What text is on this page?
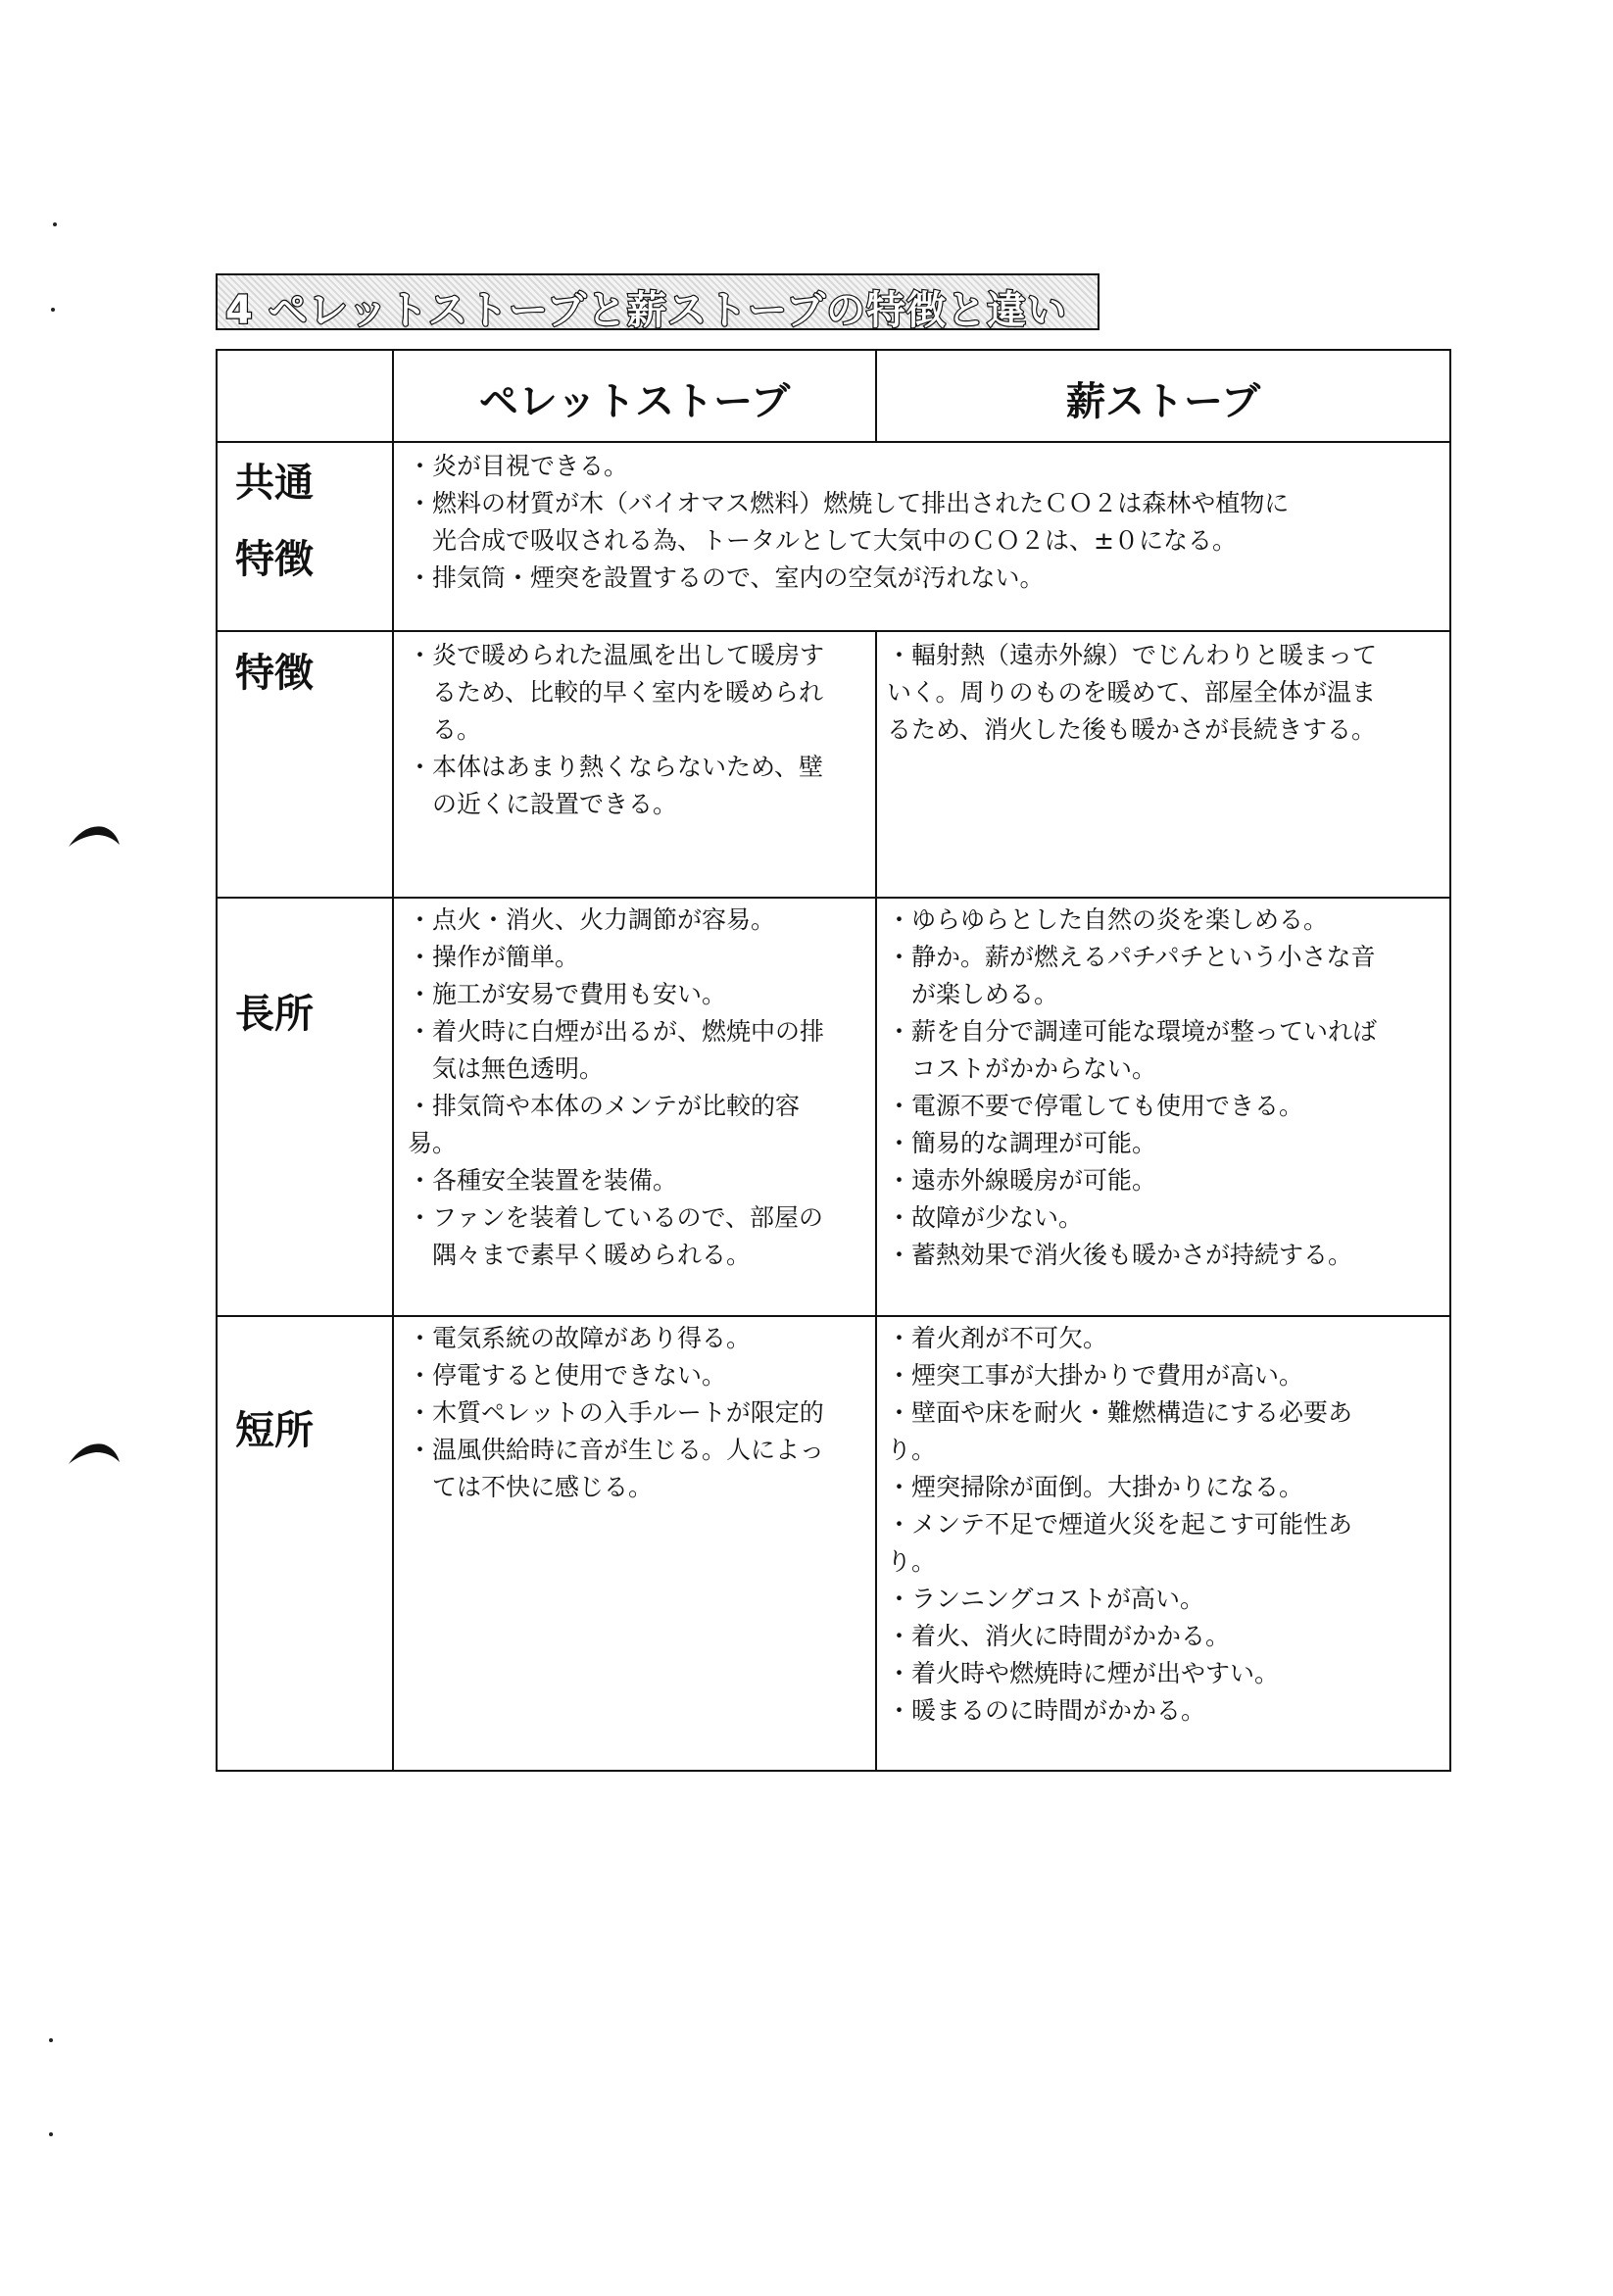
4 ペレットストーブと薪ストーブの特徴と違い
ペレットストーブ	薪ストーブ
共通
特徴
・炎が目視できる。
・燃料の材質が木（バイオマス燃料）燃焼して排出されたＣＯ２は森林や植物に
　光合成で吸収される為、トータルとして大気中のＣＯ２は、±０になる。
・排気筒・煙突を設置するので、室内の空気が汚れない。
特徴	・炎で暖められた温風を出して暖房す
　るため、比較的早く室内を暖められ
　る。
・本体はあまり熱くならないため、壁
　の近くに設置できる。
・輻射熱（遠赤外線）でじんわりと暖まって
いく。周りのものを暖めて、部屋全体が温ま
るため、消火した後も暖かさが長続きする。
長所
・点火・消火、火力調節が容易。
・操作が簡単。
・施工が安易で費用も安い。
・着火時に白煙が出るが、燃焼中の排
　気は無色透明。
・排気筒や本体のメンテが比較的容
易。
・各種安全装置を装備。
・ファンを装着しているので、部屋の
　隅々まで素早く暖められる。
・ゆらゆらとした自然の炎を楽しめる。
・静か。薪が燃えるパチパチという小さな音
　が楽しめる。
・薪を自分で調達可能な環境が整っていれば
　コストがかからない。
・電源不要で停電しても使用できる。
・簡易的な調理が可能。
・遠赤外線暖房が可能。
・故障が少ない。
・蓄熱効果で消火後も暖かさが持続する。
短所
・電気系統の故障があり得る。
・停電すると使用できない。
・木質ペレットの入手ルートが限定的
・温風供給時に音が生じる。人によっ
　ては不快に感じる。
・着火剤が不可欠。
・煙突工事が大掛かりで費用が高い。
・壁面や床を耐火・難燃構造にする必要あ
り。
・煙突掃除が面倒。大掛かりになる。
・メンテ不足で煙道火災を起こす可能性あ
り。
・ランニングコストが高い。
・着火、消火に時間がかかる。
・着火時や燃焼時に煙が出やすい。
・暖まるのに時間がかかる。
